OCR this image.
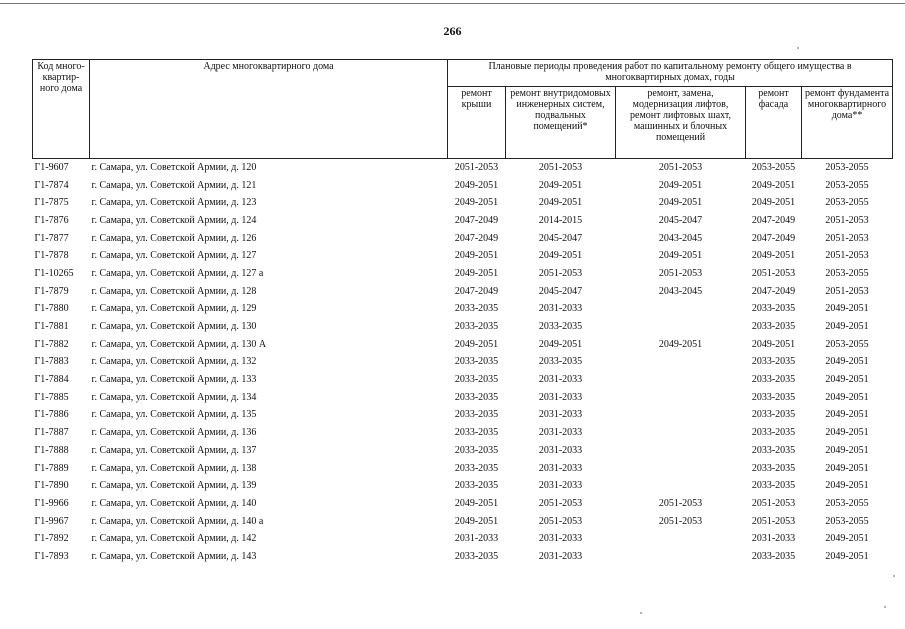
266
Код много-квартир-ного дома	Адрес многоквартирного дома	Плановые периоды проведения работ по капитальному ремонту общего имущества в многоквартирных домах, годы				
		ремонт крыши	ремонт внутридомовых инженерных систем, подвальных помещений*	ремонт, замена, модернизация лифтов, ремонт лифтовых шахт, машинных и блочных помещений	ремонт фасада	ремонт фундамента многоквартирного дома**
Г1-9607	г. Самара, ул. Советской Армии, д. 120	2051-2053	2051-2053	2051-2053	2053-2055	2053-2055
Г1-7874	г. Самара, ул. Советской Армии, д. 121	2049-2051	2049-2051	2049-2051	2049-2051	2053-2055
Г1-7875	г. Самара, ул. Советской Армии, д. 123	2049-2051	2049-2051	2049-2051	2049-2051	2053-2055
Г1-7876	г. Самара, ул. Советской Армии, д. 124	2047-2049	2014-2015	2045-2047	2047-2049	2051-2053
Г1-7877	г. Самара, ул. Советской Армии, д. 126	2047-2049	2045-2047	2043-2045	2047-2049	2051-2053
Г1-7878	г. Самара, ул. Советской Армии, д. 127	2049-2051	2049-2051	2049-2051	2049-2051	2051-2053
Г1-10265	г. Самара, ул. Советской Армии, д. 127 а	2049-2051	2051-2053	2051-2053	2051-2053	2053-2055
Г1-7879	г. Самара, ул. Советской Армии, д. 128	2047-2049	2045-2047	2043-2045	2047-2049	2051-2053
Г1-7880	г. Самара, ул. Советской Армии, д. 129	2033-2035	2031-2033		2033-2035	2049-2051
Г1-7881	г. Самара, ул. Советской Армии, д. 130	2033-2035	2033-2035		2033-2035	2049-2051
Г1-7882	г. Самара, ул. Советской Армии, д. 130 А	2049-2051	2049-2051	2049-2051	2049-2051	2053-2055
Г1-7883	г. Самара, ул. Советской Армии, д. 132	2033-2035	2033-2035		2033-2035	2049-2051
Г1-7884	г. Самара, ул. Советской Армии, д. 133	2033-2035	2031-2033		2033-2035	2049-2051
Г1-7885	г. Самара, ул. Советской Армии, д. 134	2033-2035	2031-2033		2033-2035	2049-2051
Г1-7886	г. Самара, ул. Советской Армии, д. 135	2033-2035	2031-2033		2033-2035	2049-2051
Г1-7887	г. Самара, ул. Советской Армии, д. 136	2033-2035	2031-2033		2033-2035	2049-2051
Г1-7888	г. Самара, ул. Советской Армии, д. 137	2033-2035	2031-2033		2033-2035	2049-2051
Г1-7889	г. Самара, ул. Советской Армии, д. 138	2033-2035	2031-2033		2033-2035	2049-2051
Г1-7890	г. Самара, ул. Советской Армии, д. 139	2033-2035	2031-2033		2033-2035	2049-2051
Г1-9966	г. Самара, ул. Советской Армии, д. 140	2049-2051	2051-2053	2051-2053	2051-2053	2053-2055
Г1-9967	г. Самара, ул. Советской Армии, д. 140 а	2049-2051	2051-2053	2051-2053	2051-2053	2053-2055
Г1-7892	г. Самара, ул. Советской Армии, д. 142	2031-2033	2031-2033		2031-2033	2049-2051
Г1-7893	г. Самара, ул. Советской Армии, д. 143	2033-2035	2031-2033		2033-2035	2049-2051
